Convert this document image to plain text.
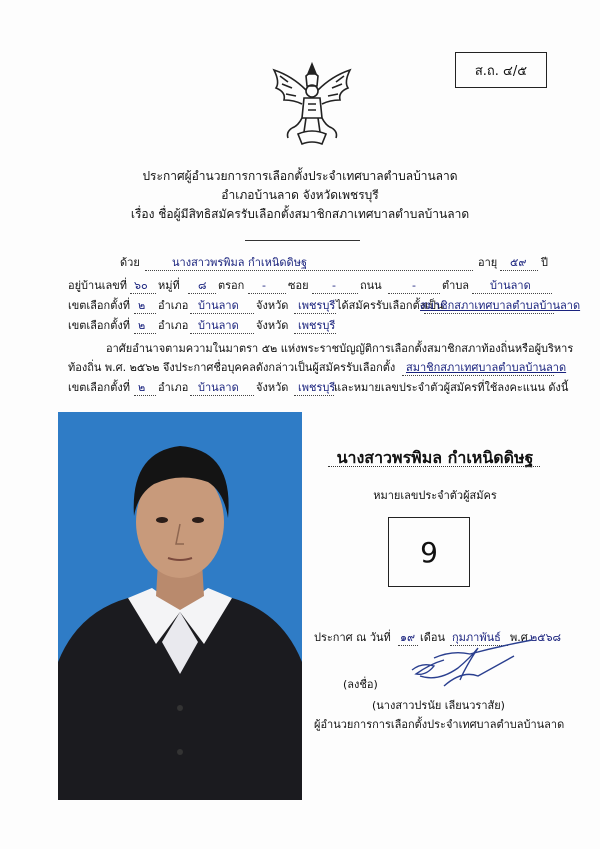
ส.ถ. ๔/๕
ประกาศผู้อำนวยการการเลือกตั้งประจำเทศบาลตำบลบ้านลาด
อำเภอบ้านลาด จังหวัดเพชรบุรี
เรื่อง ชื่อผู้มีสิทธิสมัครรับเลือกตั้งสมาชิกสภาเทศบาลตำบลบ้านลาด
ด้วย	นางสาวพรพิมล กำเหนิดดิษฐ	อายุ ๕๙ ปี
อยู่บ้านเลขที่ ๖๐ หมู่ที่ ๘ ตรอก - ซอย - ถนน	- ตำบล บ้านลาด
เขตเลือกตั้งที่ ๒ อำเภอ บ้านลาด จังหวัด เพชรบุรี ได้สมัครรับเลือกตั้งเป็น
สมาชิกสภาเทศบาลตำบลบ้านลาด
เขตเลือกตั้งที่ ๒ อำเภอ บ้านลาด จังหวัด เพชรบุรี
อาศัยอำนาจตามความในมาตรา ๕๒ แห่งพระราชบัญญัติการเลือกตั้งสมาชิกสภาท้องถิ่นหรือผู้บริหาร
ท้องถิ่น พ.ศ. ๒๕๖๒ จึงประกาศชื่อบุคคลดังกล่าวเป็นผู้สมัครรับเลือกตั้ง สมาชิกสภาเทศบาลตำบลบ้านลาด
เขตเลือกตั้งที่ ๒ อำเภอ บ้านลาด จังหวัด เพชรบุรี
และหมายเลขประจำตัวผู้สมัครที่ใช้ลงคะแนน ดังนี้
นางสาวพรพิมล กำเหนิดดิษฐ
หมายเลขประจำตัวผู้สมัคร
9
ประกาศ ณ วันที่ ๑๙ เดือน กุมภาพันธ์ พ.ศ.
๒๕๖๘
(ลงชื่อ)
(นางสาวปรนัย เลียนวราสัย)
ผู้อำนวยการการเลือกตั้งประจำเทศบาลตำบลบ้านลาด
